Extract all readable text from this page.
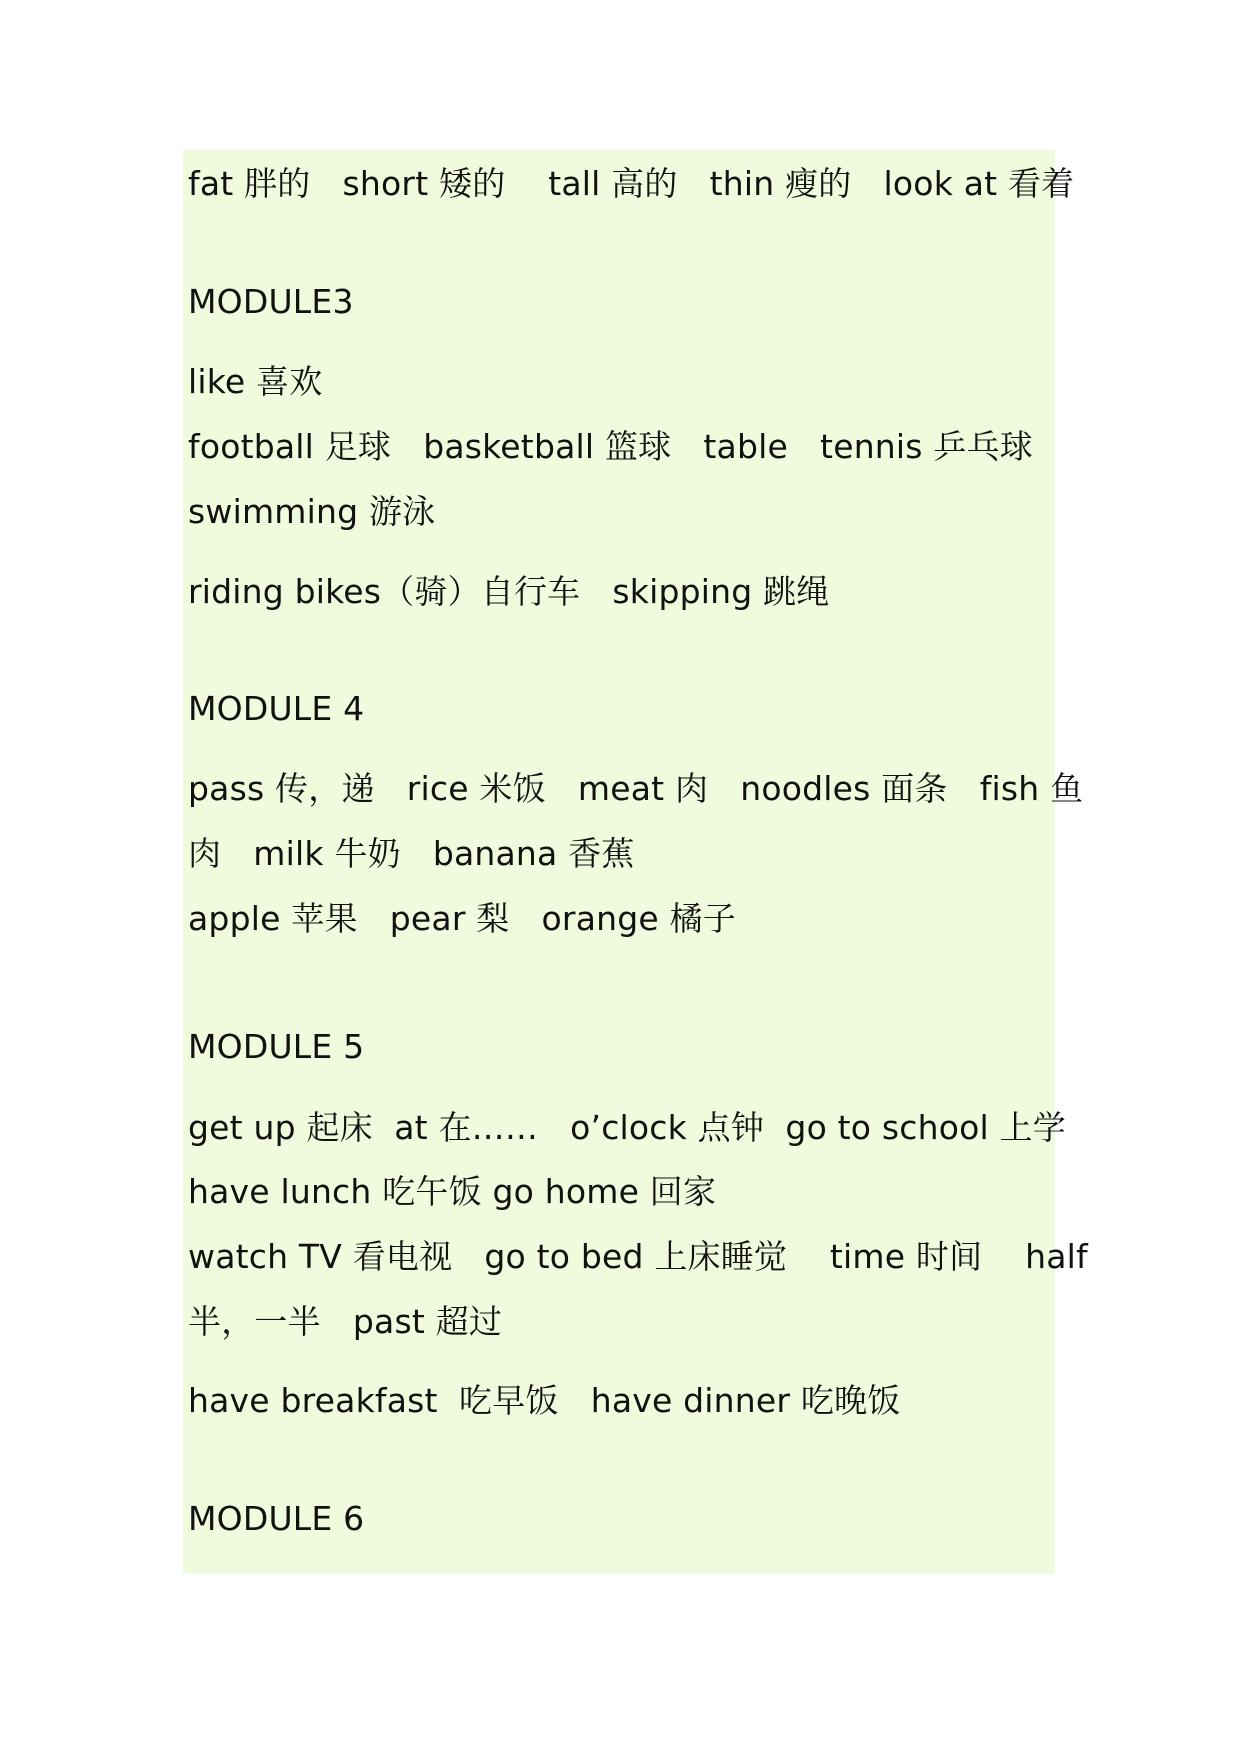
fat 胖的   short 矮的    tall 高的   thin 瘦的   look at 看着
MODULE3
like 喜欢
football 足球   basketball 篮球   table   tennis 乒乓球
swimming 游泳
riding bikes（骑）自行车   skipping 跳绳
MODULE 4
pass 传，递   rice 米饭   meat 肉   noodles 面条   fish 鱼
肉   milk 牛奶   banana 香蕉
apple 苹果   pear 梨   orange 橘子
MODULE 5
get up 起床  at 在……   o’clock 点钟  go to school 上学
have lunch 吃午饭 go home 回家
watch TV 看电视   go to bed 上床睡觉    time 时间    half
半，一半   past 超过
have breakfast  吃早饭   have dinner 吃晚饭
MODULE 6
